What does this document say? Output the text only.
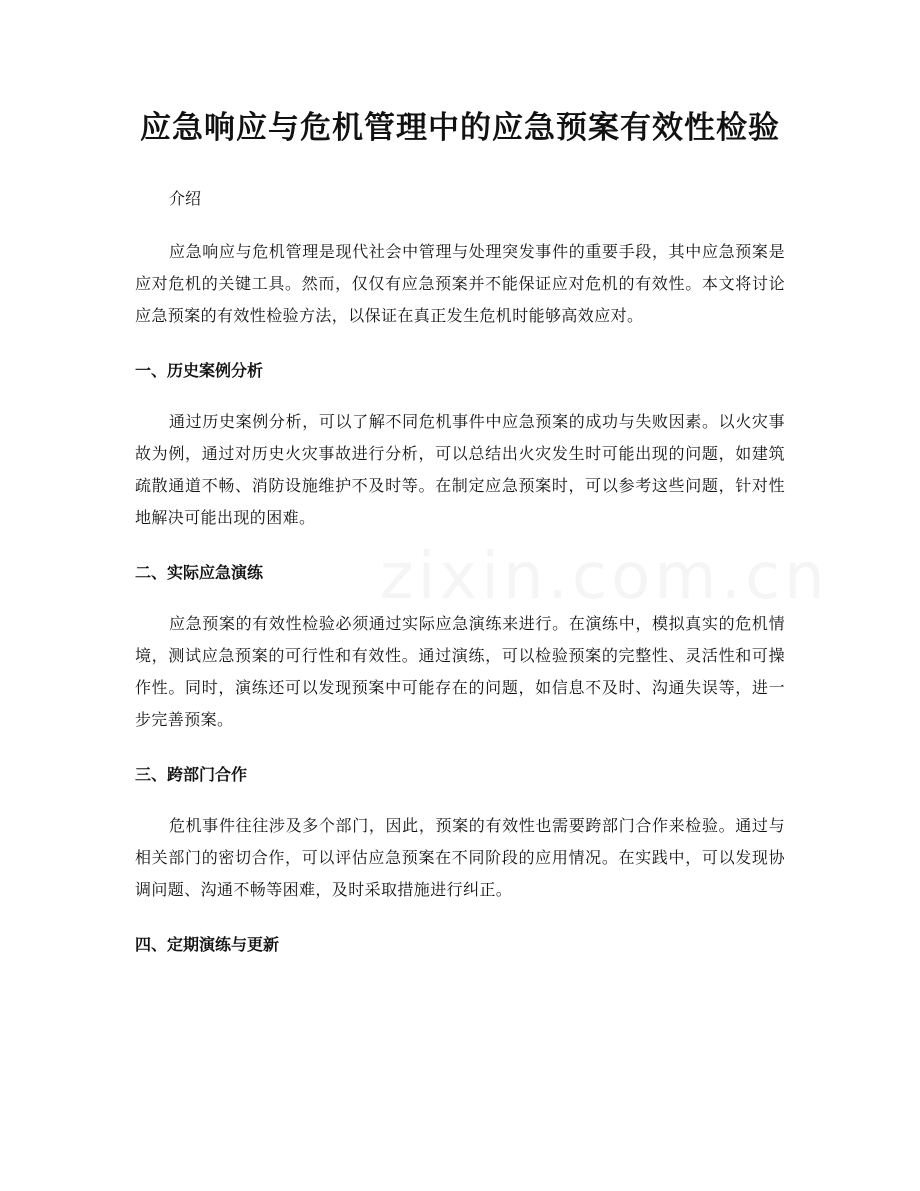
应急响应与危机管理中的应急预案有效性检验
介绍

应急响应与危机管理是现代社会中管理与处理突发事件的重要手段，其中应急预案是应对危机的关键工具。然而，仅仅有应急预案并不能保证应对危机的有效性。本文将讨论应急预案的有效性检验方法，以保证在真正发生危机时能够高效应对。

一、历史案例分析

通过历史案例分析，可以了解不同危机事件中应急预案的成功与失败因素。以火灾事故为例，通过对历史火灾事故进行分析，可以总结出火灾发生时可能出现的问题，如建筑疏散通道不畅、消防设施维护不及时等。在制定应急预案时，可以参考这些问题，针对性地解决可能出现的困难。

二、实际应急演练

应急预案的有效性检验必须通过实际应急演练来进行。在演练中，模拟真实的危机情境，测试应急预案的可行性和有效性。通过演练，可以检验预案的完整性、灵活性和可操作性。同时，演练还可以发现预案中可能存在的问题，如信息不及时、沟通失误等，进一步完善预案。

三、跨部门合作

危机事件往往涉及多个部门，因此，预案的有效性也需要跨部门合作来检验。通过与相关部门的密切合作，可以评估应急预案在不同阶段的应用情况。在实践中，可以发现协调问题、沟通不畅等困难，及时采取措施进行纠正。

四、定期演练与更新
zixin.com.cn
